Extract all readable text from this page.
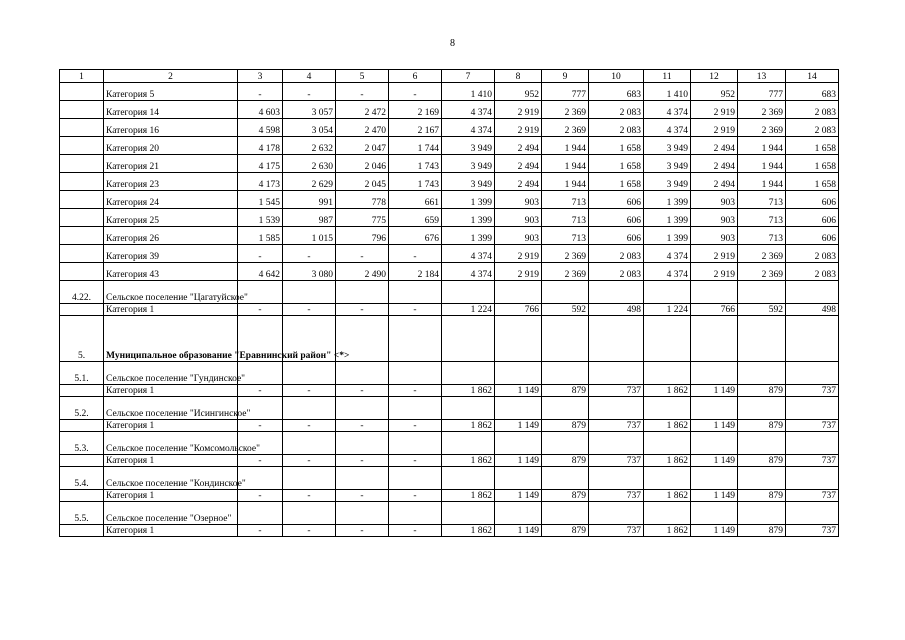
8
1	2	3	4	5	6	7	8	9	10	11	12	13	14
	Категория 5	-	-	-	-	1 410	952	777	683	1 410	952	777	683
	Категория 14	4 603	3 057	2 472	2 169	4 374	2 919	2 369	2 083	4 374	2 919	2 369	2 083
	Категория 16	4 598	3 054	2 470	2 167	4 374	2 919	2 369	2 083	4 374	2 919	2 369	2 083
	Категория 20	4 178	2 632	2 047	1 744	3 949	2 494	1 944	1 658	3 949	2 494	1 944	1 658
	Категория 21	4 175	2 630	2 046	1 743	3 949	2 494	1 944	1 658	3 949	2 494	1 944	1 658
	Категория 23	4 173	2 629	2 045	1 743	3 949	2 494	1 944	1 658	3 949	2 494	1 944	1 658
	Категория 24	1 545	991	778	661	1 399	903	713	606	1 399	903	713	606
	Категория 25	1 539	987	775	659	1 399	903	713	606	1 399	903	713	606
	Категория 26	1 585	1 015	796	676	1 399	903	713	606	1 399	903	713	606
	Категория 39	-	-	-	-	4 374	2 919	2 369	2 083	4 374	2 919	2 369	2 083
	Категория 43	4 642	3 080	2 490	2 184	4 374	2 919	2 369	2 083	4 374	2 919	2 369	2 083
4.22.	Сельское поселение "Цагатуйское"												
	Категория 1	-	-	-	-	1 224	766	592	498	1 224	766	592	498
5.	Муниципальное образование "Еравнинский район" <*>												
5.1.	Сельское поселение "Гундинское"												
	Категория 1	-	-	-	-	1 862	1 149	879	737	1 862	1 149	879	737
5.2.	Сельское поселение "Исингинское"												
	Категория 1	-	-	-	-	1 862	1 149	879	737	1 862	1 149	879	737
5.3.	Сельское поселение "Комсомольское"												
	Категория 1	-	-	-	-	1 862	1 149	879	737	1 862	1 149	879	737
5.4.	Сельское поселение "Кондинское"												
	Категория 1	-	-	-	-	1 862	1 149	879	737	1 862	1 149	879	737
5.5.	Сельское поселение "Озерное"												
	Категория 1	-	-	-	-	1 862	1 149	879	737	1 862	1 149	879	737
